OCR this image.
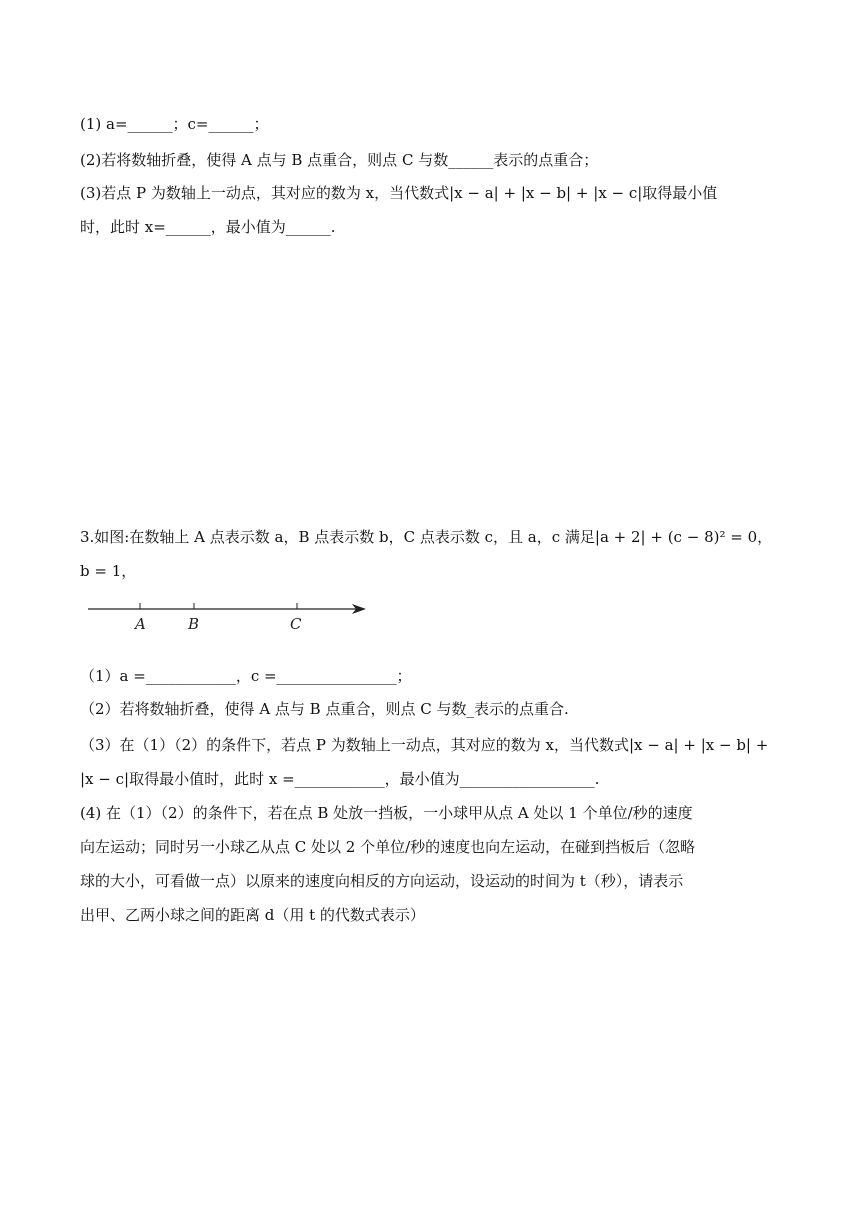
(1) a=______；c=______；
(2)若将数轴折叠，使得 A 点与 B 点重合，则点 C 与数______表示的点重合；
(3)若点 P 为数轴上一动点，其对应的数为 x，当代数式|x − a| + |x − b| + |x − c|取得最小值
时，此时 x=______，最小值为______.
3.如图:在数轴上 A 点表示数 a，B 点表示数 b，C 点表示数 c，且 a，c 满足|a + 2| + (c − 8)² = 0，
b = 1，
A	B	C
（1）a =____________，c =________________；
（2）若将数轴折叠，使得 A 点与 B 点重合，则点 C 与数_表示的点重合.
（3）在（1）（2）的条件下，若点 P 为数轴上一动点，其对应的数为 x，当代数式|x − a| + |x − b| +
|x − c|取得最小值时，此时 x =____________，最小值为__________________.
(4) 在（1）（2）的条件下，若在点 B 处放一挡板，一小球甲从点 A 处以 1 个单位/秒的速度
向左运动；同时另一小球乙从点 C 处以 2 个单位/秒的速度也向左运动，在碰到挡板后（忽略
球的大小，可看做一点）以原来的速度向相反的方向运动，设运动的时间为 t（秒），请表示
出甲、乙两小球之间的距离 d（用 t 的代数式表示）
